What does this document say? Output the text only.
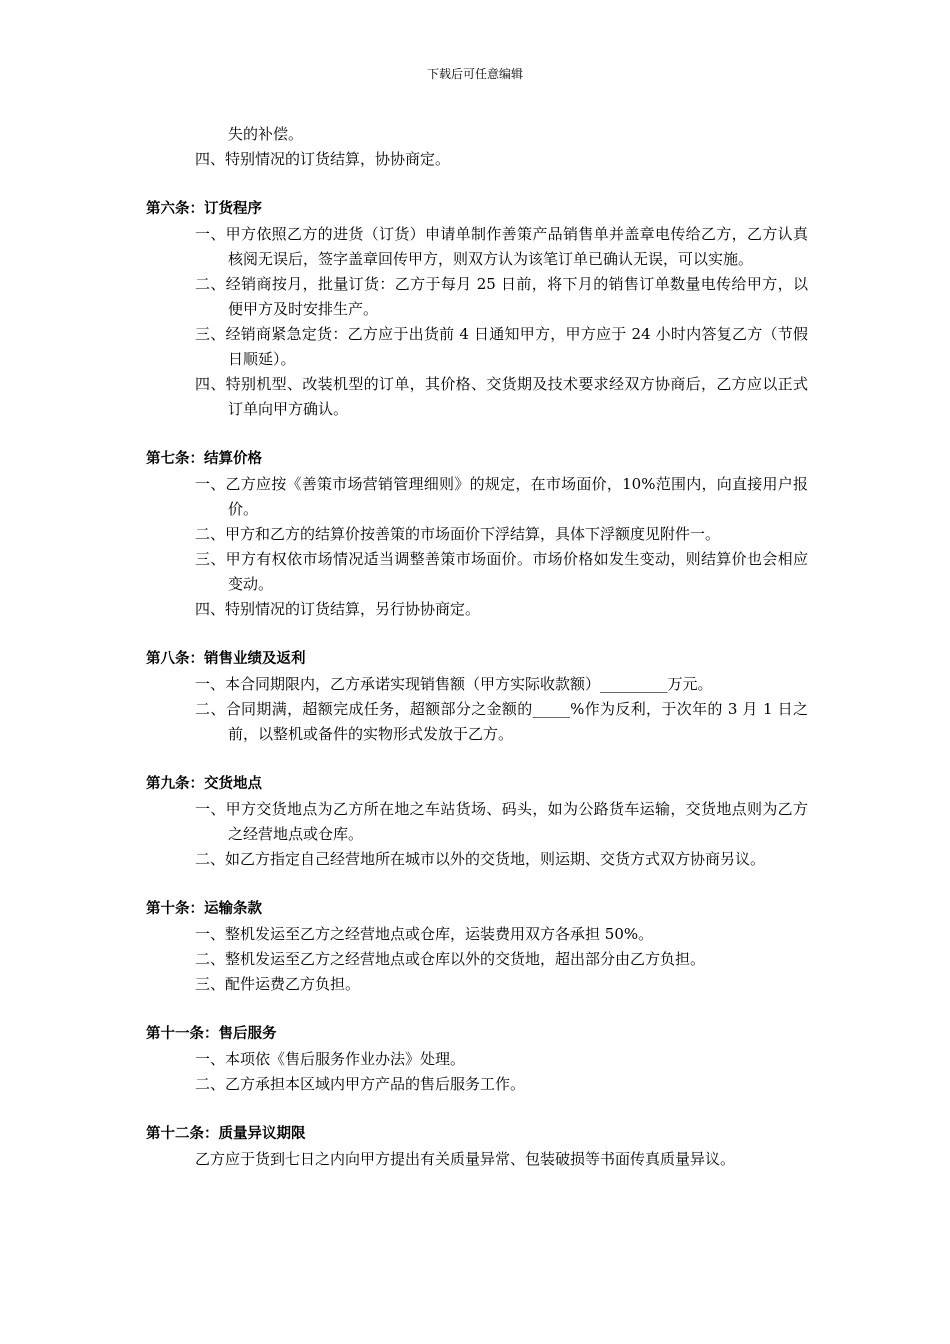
下载后可任意编辑

失的补偿。

四、特别情况的订货结算，协协商定。

第六条：订货程序

一、甲方依照乙方的进货（订货）申请单制作善策产品销售单并盖章电传给乙方，乙方认真核阅无误后，签字盖章回传甲方，则双方认为该笔订单已确认无误，可以实施。

二、经销商按月，批量订货：乙方于每月 25 日前，将下月的销售订单数量电传给甲方，以便甲方及时安排生产。

三、经销商紧急定货：乙方应于出货前 4 日通知甲方，甲方应于 24 小时内答复乙方（节假日顺延）。

四、特别机型、改装机型的订单，其价格、交货期及技术要求经双方协商后，乙方应以正式订单向甲方确认。

第七条：结算价格

一、乙方应按《善策市场营销管理细则》的规定，在市场面价，10%范围内，向直接用户报价。

二、甲方和乙方的结算价按善策的市场面价下浮结算，具体下浮额度见附件一。

三、甲方有权依市场情况适当调整善策市场面价。市场价格如发生变动，则结算价也会相应变动。

四、特别情况的订货结算，另行协协商定。

第八条：销售业绩及返利

一、本合同期限内，乙方承诺实现销售额（甲方实际收款额）_________万元。

二、合同期满，超额完成任务，超额部分之金额的_____%作为反利，于次年的 3 月 1 日之前，以整机或备件的实物形式发放于乙方。

第九条：交货地点

一、甲方交货地点为乙方所在地之车站货场、码头，如为公路货车运输，交货地点则为乙方之经营地点或仓库。

二、如乙方指定自己经营地所在城市以外的交货地，则运期、交货方式双方协商另议。

第十条：运输条款

一、整机发运至乙方之经营地点或仓库，运装费用双方各承担 50%。

二、整机发运至乙方之经营地点或仓库以外的交货地，超出部分由乙方负担。

三、配件运费乙方负担。

第十一条：售后服务

一、本项依《售后服务作业办法》处理。

二、乙方承担本区域内甲方产品的售后服务工作。

第十二条：质量异议期限

乙方应于货到七日之内向甲方提出有关质量异常、包装破损等书面传真质量异议。
